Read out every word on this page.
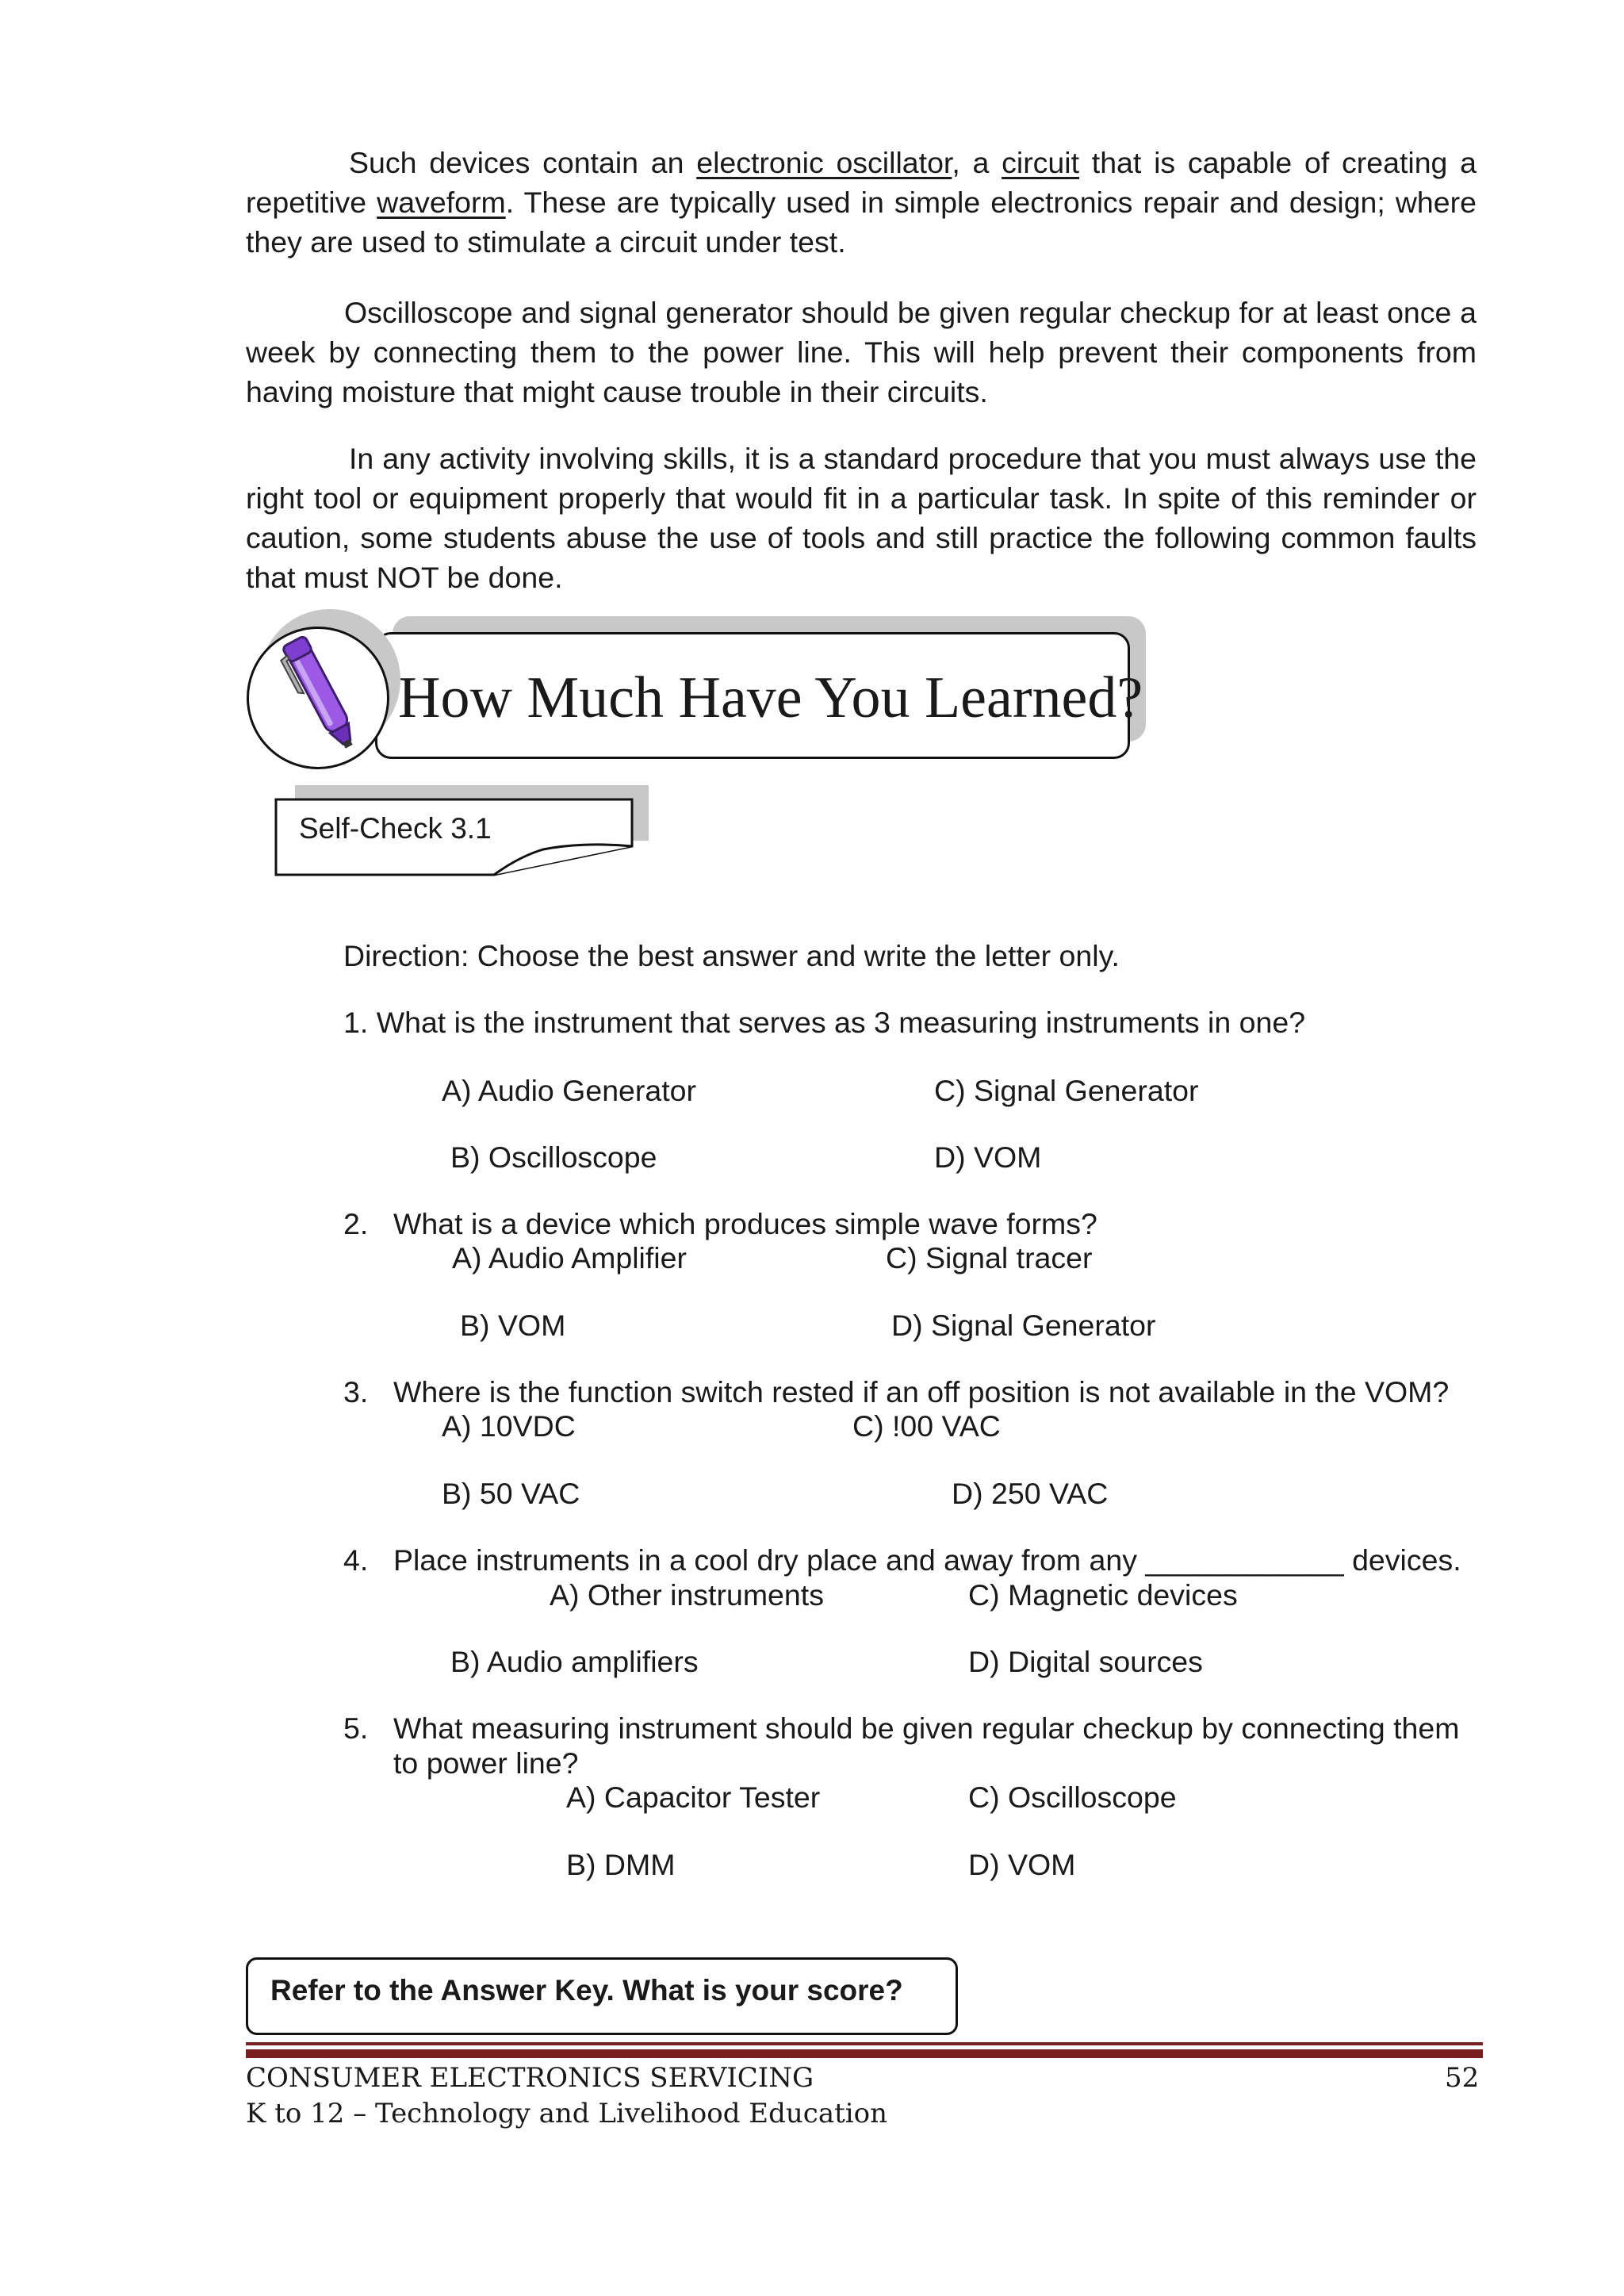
Such devices contain an electronic oscillator, a circuit that is capable of creating a repetitive waveform. These are typically used in simple electronics repair and design; where they are used to stimulate a circuit under test.

Oscilloscope and signal generator should be given regular checkup for at least once a week by connecting them to the power line. This will help prevent their components from having moisture that might cause trouble in their circuits.

In any activity involving skills, it is a standard procedure that you must always use the right tool or equipment properly that would fit in a particular task. In spite of this reminder or caution, some students abuse the use of tools and still practice the following common faults that must NOT be done.

How Much Have You Learned?
Self-Check 3.1
Direction: Choose the best answer and write the letter only.
1. What is the instrument that serves as 3 measuring instruments in one?
A) Audio Generator	C) Signal Generator
B) Oscilloscope	D) VOM
2. What is a device which produces simple wave forms?
A) Audio Amplifier	C) Signal tracer
B) VOM	D) Signal Generator
3. Where is the function switch rested if an off position is not available in the VOM?
A) 10VDC	C) !00 VAC
B) 50 VAC	D) 250 VAC
4. Place instruments in a cool dry place and away from any ____________ devices.
A) Other instruments	C) Magnetic devices
B) Audio amplifiers	D) Digital sources
5. What measuring instrument should be given regular checkup by connecting them
to power line?
A) Capacitor Tester	C) Oscilloscope
B) DMM	D) VOM
Refer to the Answer Key. What is your score?
CONSUMER ELECTRONICS SERVICING
K to 12 – Technology and Livelihood Education
52
